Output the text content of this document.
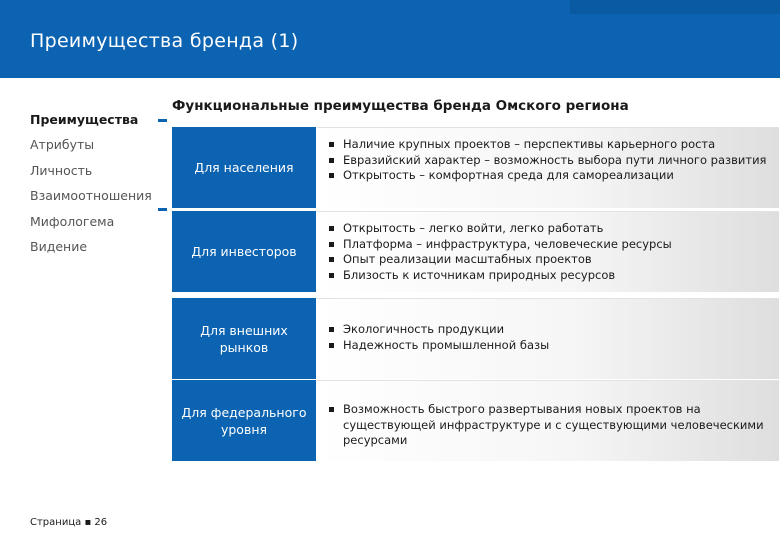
Преимущества бренда (1)
Преимущества
Атрибуты
Личность
Взаимоотношения
Мифологема
Видение
Функциональные преимущества бренда Омского региона
Для населения
Наличие крупных проектов – перспективы карьерного роста
Евразийский характер – возможность выбора пути личного развития
Открытость – комфортная среда для самореализации
Для инвесторов
Открытость – легко войти, легко работать
Платформа – инфраструктура, человеческие ресурсы
Опыт реализации масштабных проектов
Близость к источникам природных ресурсов
Для внешних рынков
Экологичность продукции
Надежность промышленной базы
Для федерального уровня
Возможность быстрого развертывания новых проектов на существующей инфраструктуре и с существующими человеческими ресурсами
Страница ▪ 26
